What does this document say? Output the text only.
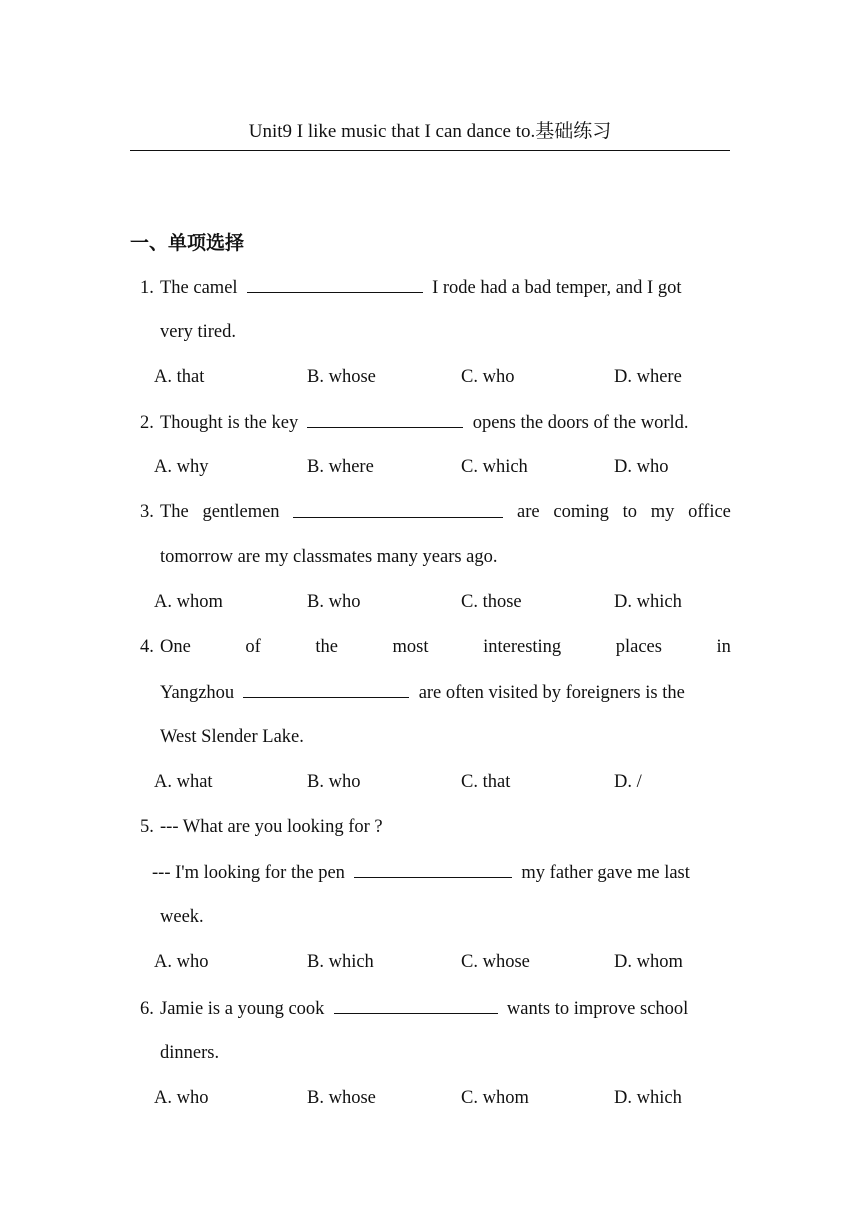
Unit9 I like music that I can dance to.基础练习
一、单项选择
1. The camel	I rode had a bad temper, and I got
very tired.
A. that	B. whose	C. who	D. where
2. Thought is the key	opens the doors of the world.
A. why	B. where	C. which	D. who
3. The gentlemen	are coming to my office
tomorrow are my classmates many years ago.
A. whom	B. who	C. those	D. which
4. One	of	the	most	interesting	places	in
Yangzhou	are often visited by foreigners is the
West Slender Lake.
A. what	B. who	C. that	D. /
5. --- What are you looking for ?
--- I'm looking for the pen	my father gave me last
week.
A. who	B. which	C. whose	D. whom
6. Jamie is a young cook	wants to improve school
dinners.
A. who	B. whose	C. whom	D. which
